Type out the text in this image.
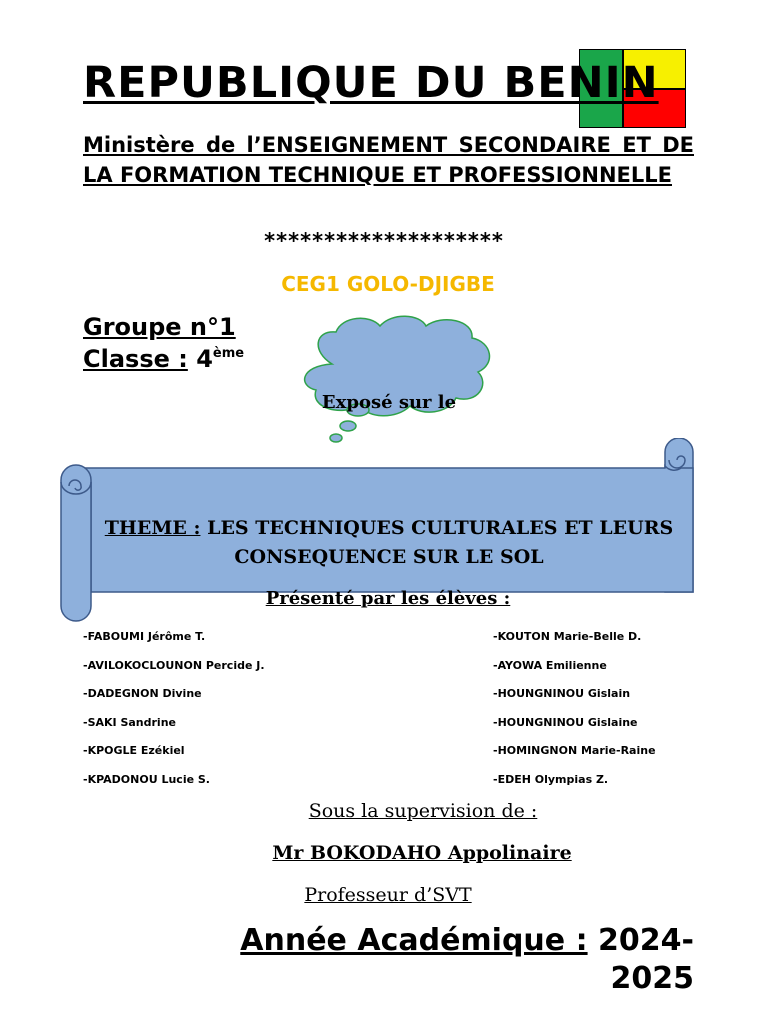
REPUBLIQUE DU BENIN
Ministère de l’ENSEIGNEMENT SECONDAIRE ET DE LA FORMATION TECHNIQUE ET PROFESSIONNELLE
********************
CEG1 GOLO-DJIGBE
Groupe n°1
Classe : 4ème
Exposé sur le
THEME : LES TECHNIQUES CULTURALES ET LEURS CONSEQUENCE SUR LE SOL
Présenté par les élèves :
-FABOUMI Jérôme T.
-AVILOKOCLOUNON Percide J.
-DADEGNON Divine
-SAKI Sandrine
-KPOGLE Ezékiel
-KPADONOU Lucie S.
-KOUTON Marie-Belle D.
-AYOWA Emilienne
-HOUNGNINOU Gislain
-HOUNGNINOU Gislaine
-HOMINGNON Marie-Raine
-EDEH Olympias Z.
Sous la supervision de :
Mr BOKODAHO Appolinaire
Professeur d’SVT
Année Académique : 2024-
2025
